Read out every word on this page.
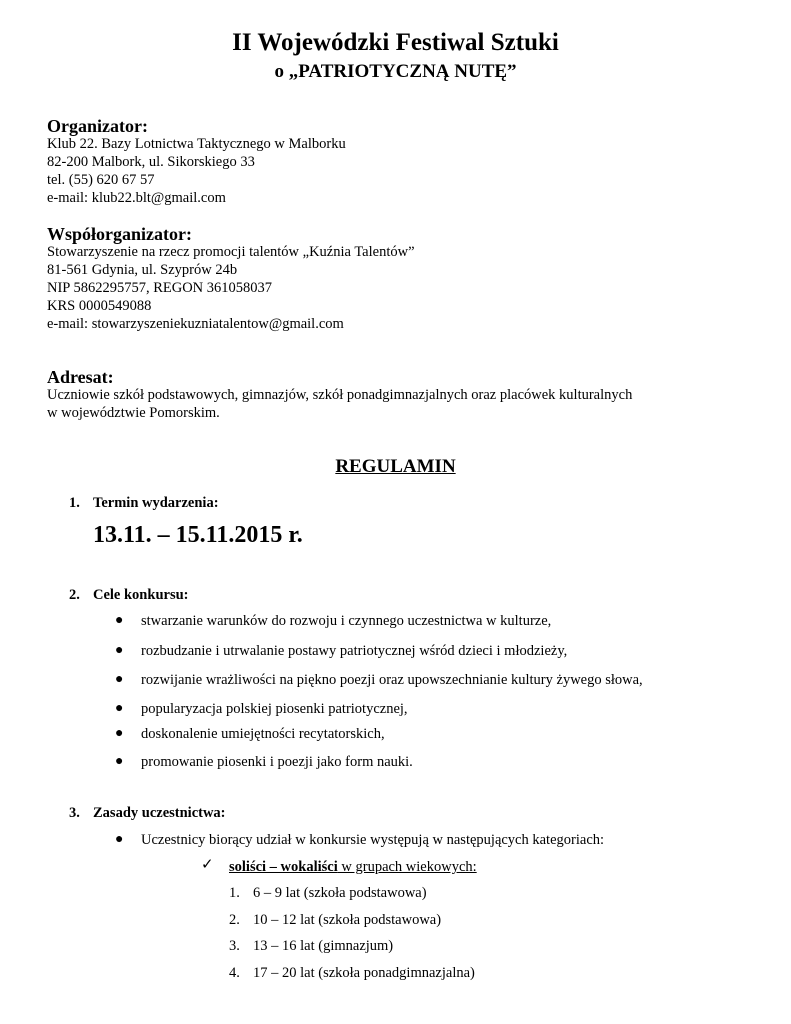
II Wojewódzki Festiwal Sztuki
o „PATRIOTYCZNĄ NUTĘ”
Organizator:
Klub 22. Bazy Lotnictwa Taktycznego w Malborku
82-200 Malbork, ul. Sikorskiego 33
tel. (55) 620 67 57
e-mail: klub22.blt@gmail.com
Współorganizator:
Stowarzyszenie na rzecz promocji talentów „Kuźnia Talentów”
81-561 Gdynia, ul. Szyprów 24b
NIP 5862295757, REGON 361058037
KRS 0000549088
e-mail: stowarzyszeniekuzniatalentow@gmail.com
Adresat:
Uczniowie szkół podstawowych, gimnazjów, szkół ponadgimnazjalnych oraz placówek kulturalnych
w województwie Pomorskim.
REGULAMIN
1. Termin wydarzenia:
13.11. – 15.11.2015 r.
2. Cele konkursu:
● stwarzanie warunków do rozwoju i czynnego uczestnictwa w kulturze,
● rozbudzanie i utrwalanie postawy patriotycznej wśród dzieci i młodzieży,
● rozwijanie wrażliwości na piękno poezji oraz upowszechnianie kultury żywego słowa,
● popularyzacja polskiej piosenki patriotycznej,
● doskonalenie umiejętności recytatorskich,
● promowanie piosenki i poezji jako form nauki.
3. Zasady uczestnictwa:
● Uczestnicy biorący udział w konkursie występują w następujących kategoriach:
✓ soliści – wokaliści w grupach wiekowych:
1. 6 – 9 lat (szkoła podstawowa)
2. 10 – 12 lat (szkoła podstawowa)
3. 13 – 16 lat (gimnazjum)
4. 17 – 20 lat (szkoła ponadgimnazjalna)
